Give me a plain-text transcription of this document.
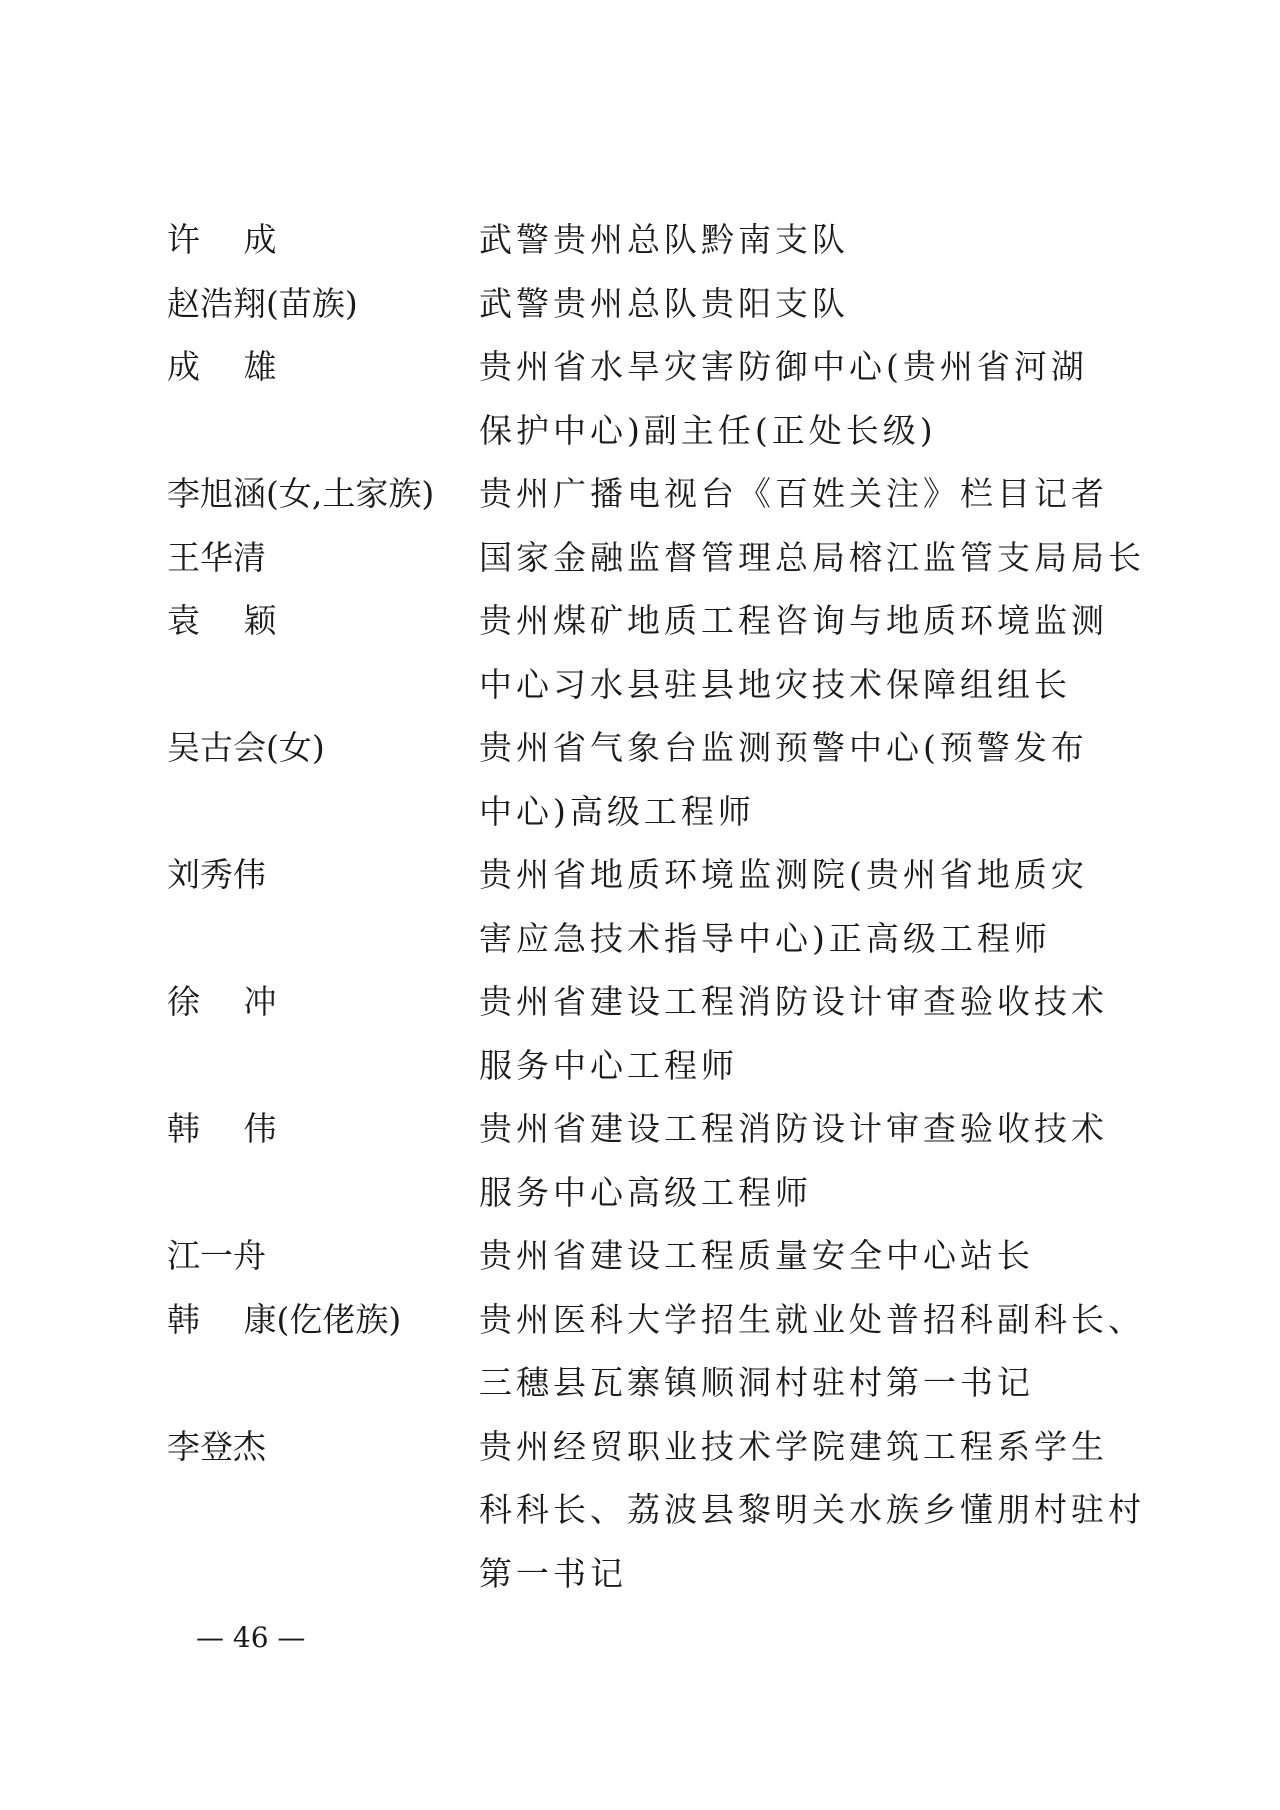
许　 成	武警贵州总队黔南支队
赵浩翔(苗族)	武警贵州总队贵阳支队
成　 雄	贵州省水旱灾害防御中心(贵州省河湖
保护中心)副主任(正处长级)
李旭涵(女,土家族)	贵州广播电视台《百姓关注》栏目记者
王华清	国家金融监督管理总局榕江监管支局局长
袁　 颖	贵州煤矿地质工程咨询与地质环境监测
中心习水县驻县地灾技术保障组组长
吴古会(女)	贵州省气象台监测预警中心(预警发布
中心)高级工程师
刘秀伟	贵州省地质环境监测院(贵州省地质灾
害应急技术指导中心)正高级工程师
徐　 冲	贵州省建设工程消防设计审查验收技术
服务中心工程师
韩　 伟	贵州省建设工程消防设计审查验收技术
服务中心高级工程师
江一舟	贵州省建设工程质量安全中心站长
韩　 康(仡佬族)	贵州医科大学招生就业处普招科副科长、
三穗县瓦寨镇顺洞村驻村第一书记
李登杰	贵州经贸职业技术学院建筑工程系学生
科科长、荔波县黎明关水族乡懂朋村驻村
第一书记
— 46 —
